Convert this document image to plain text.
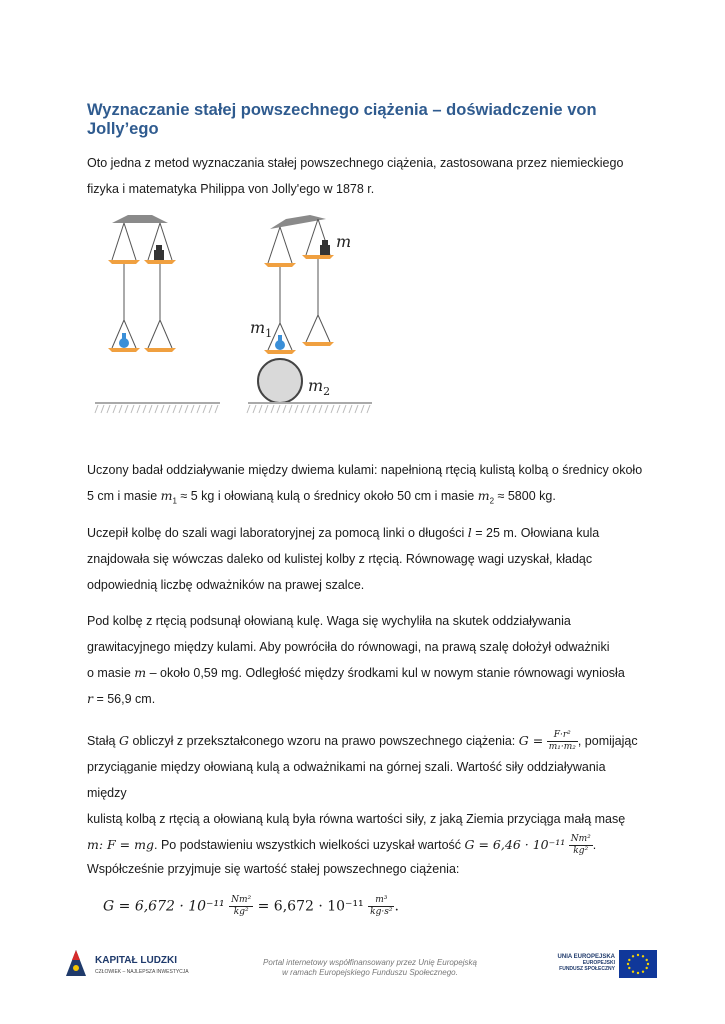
Wyznaczanie stałej powszechnego ciążenia – doświadczenie von Jolly’ego
Oto jedna z metod wyznaczania stałej powszechnego ciążenia, zastosowana przez niemieckiego
fizyka i matematyka Philippa von Jolly'ego w 1878 r.
m
$m_1$
$m_2$
Uczony badał oddziaływanie między dwiema kulami: napełnioną rtęcią kulistą kolbą o średnicy około
5 cm i masie $m_1 \approx 5$ kg i ołowianą kulą o średnicy około 50 cm i masie $m_2 \approx 5800$ kg.
Uczepił kolbę do szali wagi laboratoryjnej za pomocą linki o długości l = 25 m. Ołowiana kula
znajdowała się wówczas daleko od kulistej kolby z rtęcią. Równowagę wagi uzyskał, kładąc
odpowiednią liczbę odważników na prawej szalce.
Pod kolbę z rtęcią podsunął ołowianą kulę. Waga się wychyliła na skutek oddziaływania
grawitacyjnego między kulami. Aby powróciła do równowagi, na prawą szalę dołożył odważniki
o masie m – około 0,59 mg. Odległość między środkami kul w nowym stanie równowagi wyniosła
r = 56,9 cm.
Stałą G obliczył z przekształconego wzoru na prawo powszechnego ciążenia: $G = \frac{\text{F·r²}}{\text{m₁·m₂}}$ , pomijając
przyciąganie między ołowianą kulą a odważnikami na górnej szali. Wartość siły oddziaływania między
kulistą kolbą z rtęcią a ołowianą kulą była równa wartości siły, z jaką Ziemia przyciąga małą masę
m: F = mg. Po podstawieniu wszystkich wielkości uzyskał wartość $G = 6,46 \cdot 10^{-11} \frac{\text{Nm²}}{\text{kg²}}$ .
Współcześnie przyjmuje się wartość stałej powszechnego ciążenia:
$G = 6,672 \cdot 10^{-11} \frac{\text{Nm²}}{\text{kg²}} = 6,672 \cdot 10^{-11} \frac{\text{m³}}{\text{kg·s²}}$ .
KAPITAŁ LUDZKI
CZŁOWIEK – NAJLEPSZA INWESTYCJA
Portal internetowy współfinansowany przez Unię Europejską
w ramach Europejskiego Funduszu Społecznego.
UNIA EUROPEJSKA
EUROPEJSKI
FUNDUSZ SPOŁECZNY
